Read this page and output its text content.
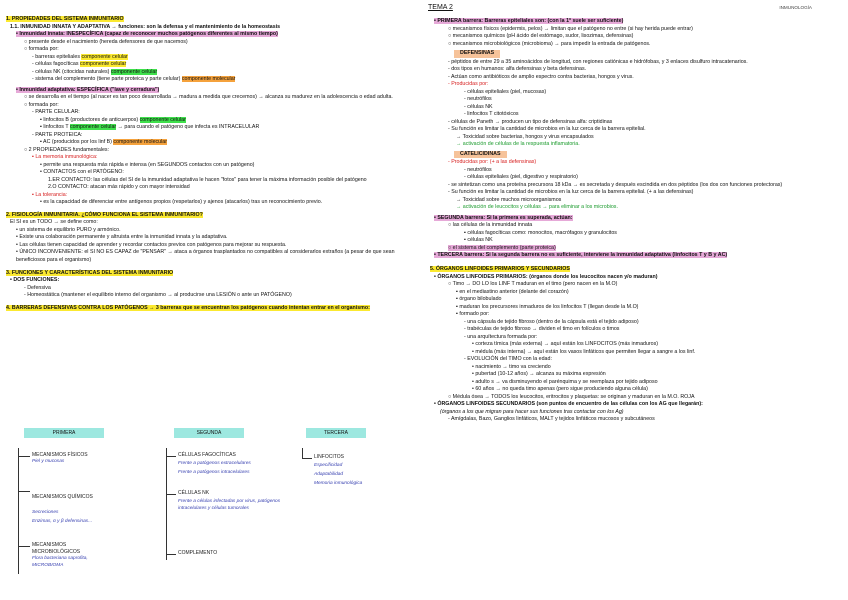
1. PROPIEDADES DEL SISTEMA INMUNITARIO
1.1. INMUNIDAD INNATA Y ADAPTATIVA → funciones: son la defensa y el mantenimiento de la homeostasis
• Inmunidad innata: INESPECÍFICA (capaz de reconocer muchos patógenos diferentes al mismo tiempo)
○ presente desde el nacimiento (hereda defensores de que nacemos)
○ formada por:
- barreras epiteliales componente celular
- células fagocíticas componente celular
- células NK (citocidas naturales) componente celular
- sistema del complemento (tiene parte proteica y parte celular) componente molecular
• Inmunidad adaptativa: ESPECÍFICA ("lave y cerradura")
○ se desarrolla en el tiempo (al nacer es tan poco desarrollada → madura a medida que crecemos) → alcanza su madurez en la adolescencia o edad adulta.
○ formada por:
- PARTE CELULAR:
▪ linfocitos B (productores de anticuerpos) componente celular
▪ linfocitos T componente celular → para cuando el patógeno que infecta es INTRACELULAR
- PARTE PROTEICA:
▪ AC (producidos por los linf B) componente molecular
○ 2 PROPIEDADES fundamentales:
▪ La memoria inmunológica:
• permite una respuesta más rápida e intensa (en SEGUNDOS contactos con un patógeno)
• CONTACTOS con el PATÓGENO:
1.ER CONTACTO: las células del SI de la inmunidad adaptativa le hacen "fotos" para tener la máxima información posible del patógeno
2.O CONTACTO: atacan más rápido y con mayor intensidad
▪ La tolerancia:
• es la capacidad de diferenciar entre antígenos propios (respetarlos) y ajenos (atacarlos) tras un reconocimiento previo.
2. FISIOLOGÍA INMUNITARIA. ¿CÓMO FUNCIONA EL SISTEMA INMUNITARIO?
El SI es un TODO → se define como:
• un sistema de equilibrio PURO y armónico.
• Existe una colaboración permanente y altruista entre la inmunidad innata y la adaptativa.
• Las células tienen capacidad de aprender y recordar contactos previos con patógenos para mejorar su respuesta.
• ÚNICO INCONVENIENTE: el SI NO ES CAPAZ de "PENSAR" → ataca a órganos trasplantados no compatibles al considerarlos extraños (a pesar de que sean beneficiosos para el organismo)
3. FUNCIONES Y CARACTERÍSTICAS DEL SISTEMA INMUNITARIO
• DOS FUNCIONES:
- Defensiva
- Homeostática (mantener el equilibrio interno del organismo → al producirse una LESIÓN o ante un PATÓGENO)
4. BARRERAS DEFENSIVAS CONTRA LOS PATÓGENOS → 3 barreras que se encuentran los patógenos cuando intentan entrar en el organismo:
PRIMERA	SEGUNDA	TERCERA
MECANISMOS FÍSICOS
Piel y mucosas

MECANISMOS QUÍMICOS

Secreciones
Enzimas, α y β defensinas...

MECANISMOS MICROBIOLÓGICOS
Flora bacteriana saprofita, MICROBIOMA
CÉLULAS FAGOCÍTICAS
Frente a patógenos extracelulares
Frente a patógenos intracelulares
CÉLULAS NK
Frente a células infectadas por virus, patógenos intracelulares y células tumorales
COMPLEMENTO
LINFOCITOS
Especificidad
Adaptabilidad
Memoria inmunológica
TEMA 2	INMUNOLOGÍA
• PRIMERA barrera: Barreras epiteliales son: (con la 1ª suele ser suficiente)
○ mecanismos físicos (epidermis, pelos) → limitan que el patógeno no entre (si hay herida puede entrar)
○ mecanismos químicos (pH ácido del estómago, sudor, lisozimas, defensinas)
○ mecanismos microbiológicos (microbioma) → para impedir la entrada de patógenos.
DEFENSINAS
- péptidos de entre 29 a 35 aminoácidos de longitud, con regiones catiónicas e hidrófobas, y 3 enlaces disulfuro intracatenarios.
- dos tipos en humanos: alfa defensinas y beta defensinas.
- Actúan como antibióticos de amplio espectro contra bacterias, hongos y virus.
- Producidas por:
- células epiteliales (piel, mucosas)
- neutrófilos
- células NK
- linfocitos T citotóxicos
- células de Paneth → producen un tipo de defensinas alfa: criptidinas
- Su función es limitar la cantidad de microbios en la luz cerca de la barrera epitelial.
→ Toxicidad sobre bacterias, hongos y virus encapsulados
→ activación de células de la respuesta inflamatoria.
CATELICIDINAS
- Producidas por: (+ a las defensinas)
- neutrófilos
- células epiteliales (piel, digestivo y respiratorio)
- se sintetizan como una proteína precursora 18 kDa → es secretada y después escindida en dos péptidos (los dos con funciones protectoras)
- Su función es limitar la cantidad de microbios en la luz cerca de la barrera epitelial. (+ a las defensinas)
→ Toxicidad sobre muchos microorganismos
→ activación de leucocitos y células → para eliminar a los microbios.
• SEGUNDA barrera: Si la primera es superada, actúan:
○ las células de la inmunidad innata
▪ células fagocíticas como: monocitos, macrófagos y granulocitos
▪ células NK
○ el sistema del complemento (parte proteica)
• TERCERA barrera: Si la segunda barrera no es suficiente, interviene la inmunidad adaptativa (linfocitos T y B y AC)
5. ÓRGANOS LINFOIDES PRIMARIOS Y SECUNDARIOS
• ÓRGANOS LINFOIDES PRIMARIOS: (órganos donde los leucocitos nacen y/o maduran)
○ Timo → DO LO los LINF T maduran en el timo (pero nacen en la M.O)
▪ en el mediastino anterior (delante del corazón)
▪ órgano bilobulado
▪ maduran los precursores inmaduros de los linfocitos T (llegan desde la M.O)
▪ formado por:
- una cápsula de tejido fibroso (dentro de la cápsula está el tejido adiposo)
- trabéculas de tejido fibroso → dividen el timo en folículos o timos
- una arquítectura formada por:
• corteza tímica (más externa) → aquí están los LINFOCITOS (más inmaduros)
• médula (más interna) → aquí están los vasos linfáticos que permiten llegar a sangre a los linf.
- EVOLUCIÓN del TIMO con la edad:
• nacimiento → timo va creciendo
• pubertad (10-12 años) → alcanza su máxima expresión
• adulto s → va disminuyendo el parénquima y se reemplaza por tejido adiposo
• 60 años → no queda timo apenas (pero sigue produciendo alguna célula)
○ Médula ósea → TODOS los leucocitos, eritrocitos y plaquetas: se originan y maduran en la M.O. ROJA
• ÓRGANOS LINFOIDES SECUNDARIOS (son puntos de encuentro de las células con los AG que llegarán):
(órganos a los que migran para hacer sus funciones tras contactar con los Ag)
- Amígdalas, Bazo, Ganglios linfáticos, MALT y tejidos linfáticos mucosos y subcutáneos
